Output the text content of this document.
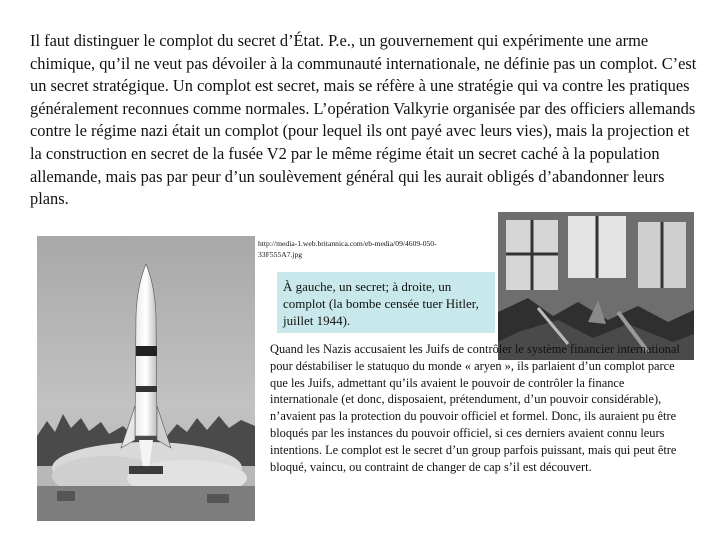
Il faut distinguer le complot du secret d’État. P.e., un gouvernement qui expérimente une arme chimique, qu’il ne veut pas dévoiler à la communauté internationale, ne définie pas un complot. C’est un secret stratégique. Un complot est secret, mais se réfère à une stratégie qui va contre les pratiques généralement reconnues comme normales. L’opération Valkyrie organisée par des officiers allemands contre le régime nazi était un complot (pour lequel ils ont payé avec leurs vies), mais la projection et la construction en secret de la fusée V2 par le même régime était un secret caché à la population allemande, mais pas par peur d’un soulèvement général qui les aurait obligés d’abandonner leurs plans.

http://media-1.web.britannica.com/eb-media/09/4609-050-33F555A7.jpg

À gauche, un secret; à droite, un complot (la bombe censée tuer Hitler, juillet 1944).

Quand les Nazis accusaient les Juifs de contrôler le système financier international pour déstabiliser le statuquo du monde « aryen », ils parlaient d’un complot parce que les Juifs, admettant qu’ils avaient le pouvoir de contrôler la finance internationale (et donc, disposaient, prétendument, d’un pouvoir considérable), n’avaient pas la protection du pouvoir officiel et formel. Donc, ils auraient pu être bloqués par les instances du pouvoir officiel, si ces derniers avaient connu leurs intentions. Le complot est le secret d’un group parfois puissant, mais qui peut être bloqué, vaincu, ou contraint de changer de cap s’il est découvert.
